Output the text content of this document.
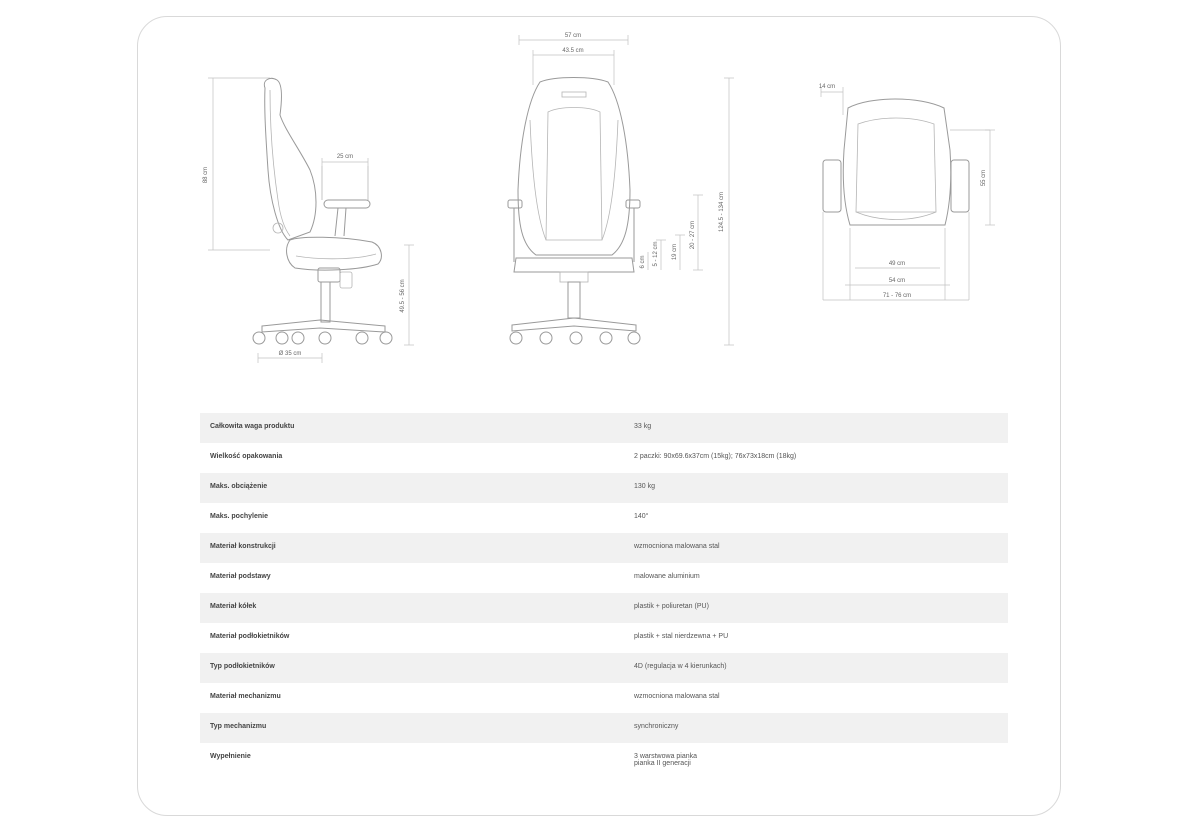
88 cm
25 cm
49.5 - 56 cm
Ø 35 cm
57 cm
43.5 cm
124.5 - 134 cm
20 - 27 cm
19 cm
5 - 12 cm
6 cm
14 cm
55 cm
49 cm
54 cm
71 - 76 cm
Całkowita waga produktu	33 kg
Wielkość opakowania	2 paczki: 90x69.6x37cm (15kg); 76x73x18cm (18kg)
Maks. obciążenie	130 kg
Maks. pochylenie	140°
Materiał konstrukcji	wzmocniona malowana stal
Materiał podstawy	malowane aluminium
Materiał kółek	plastik + poliuretan (PU)
Materiał podłokietników	plastik + stal nierdzewna + PU
Typ podłokietników	4D (regulacja w 4 kierunkach)
Materiał mechanizmu	wzmocniona malowana stal
Typ mechanizmu	synchroniczny
Wypełnienie	3 warstwowa pianka
pianka II generacji
